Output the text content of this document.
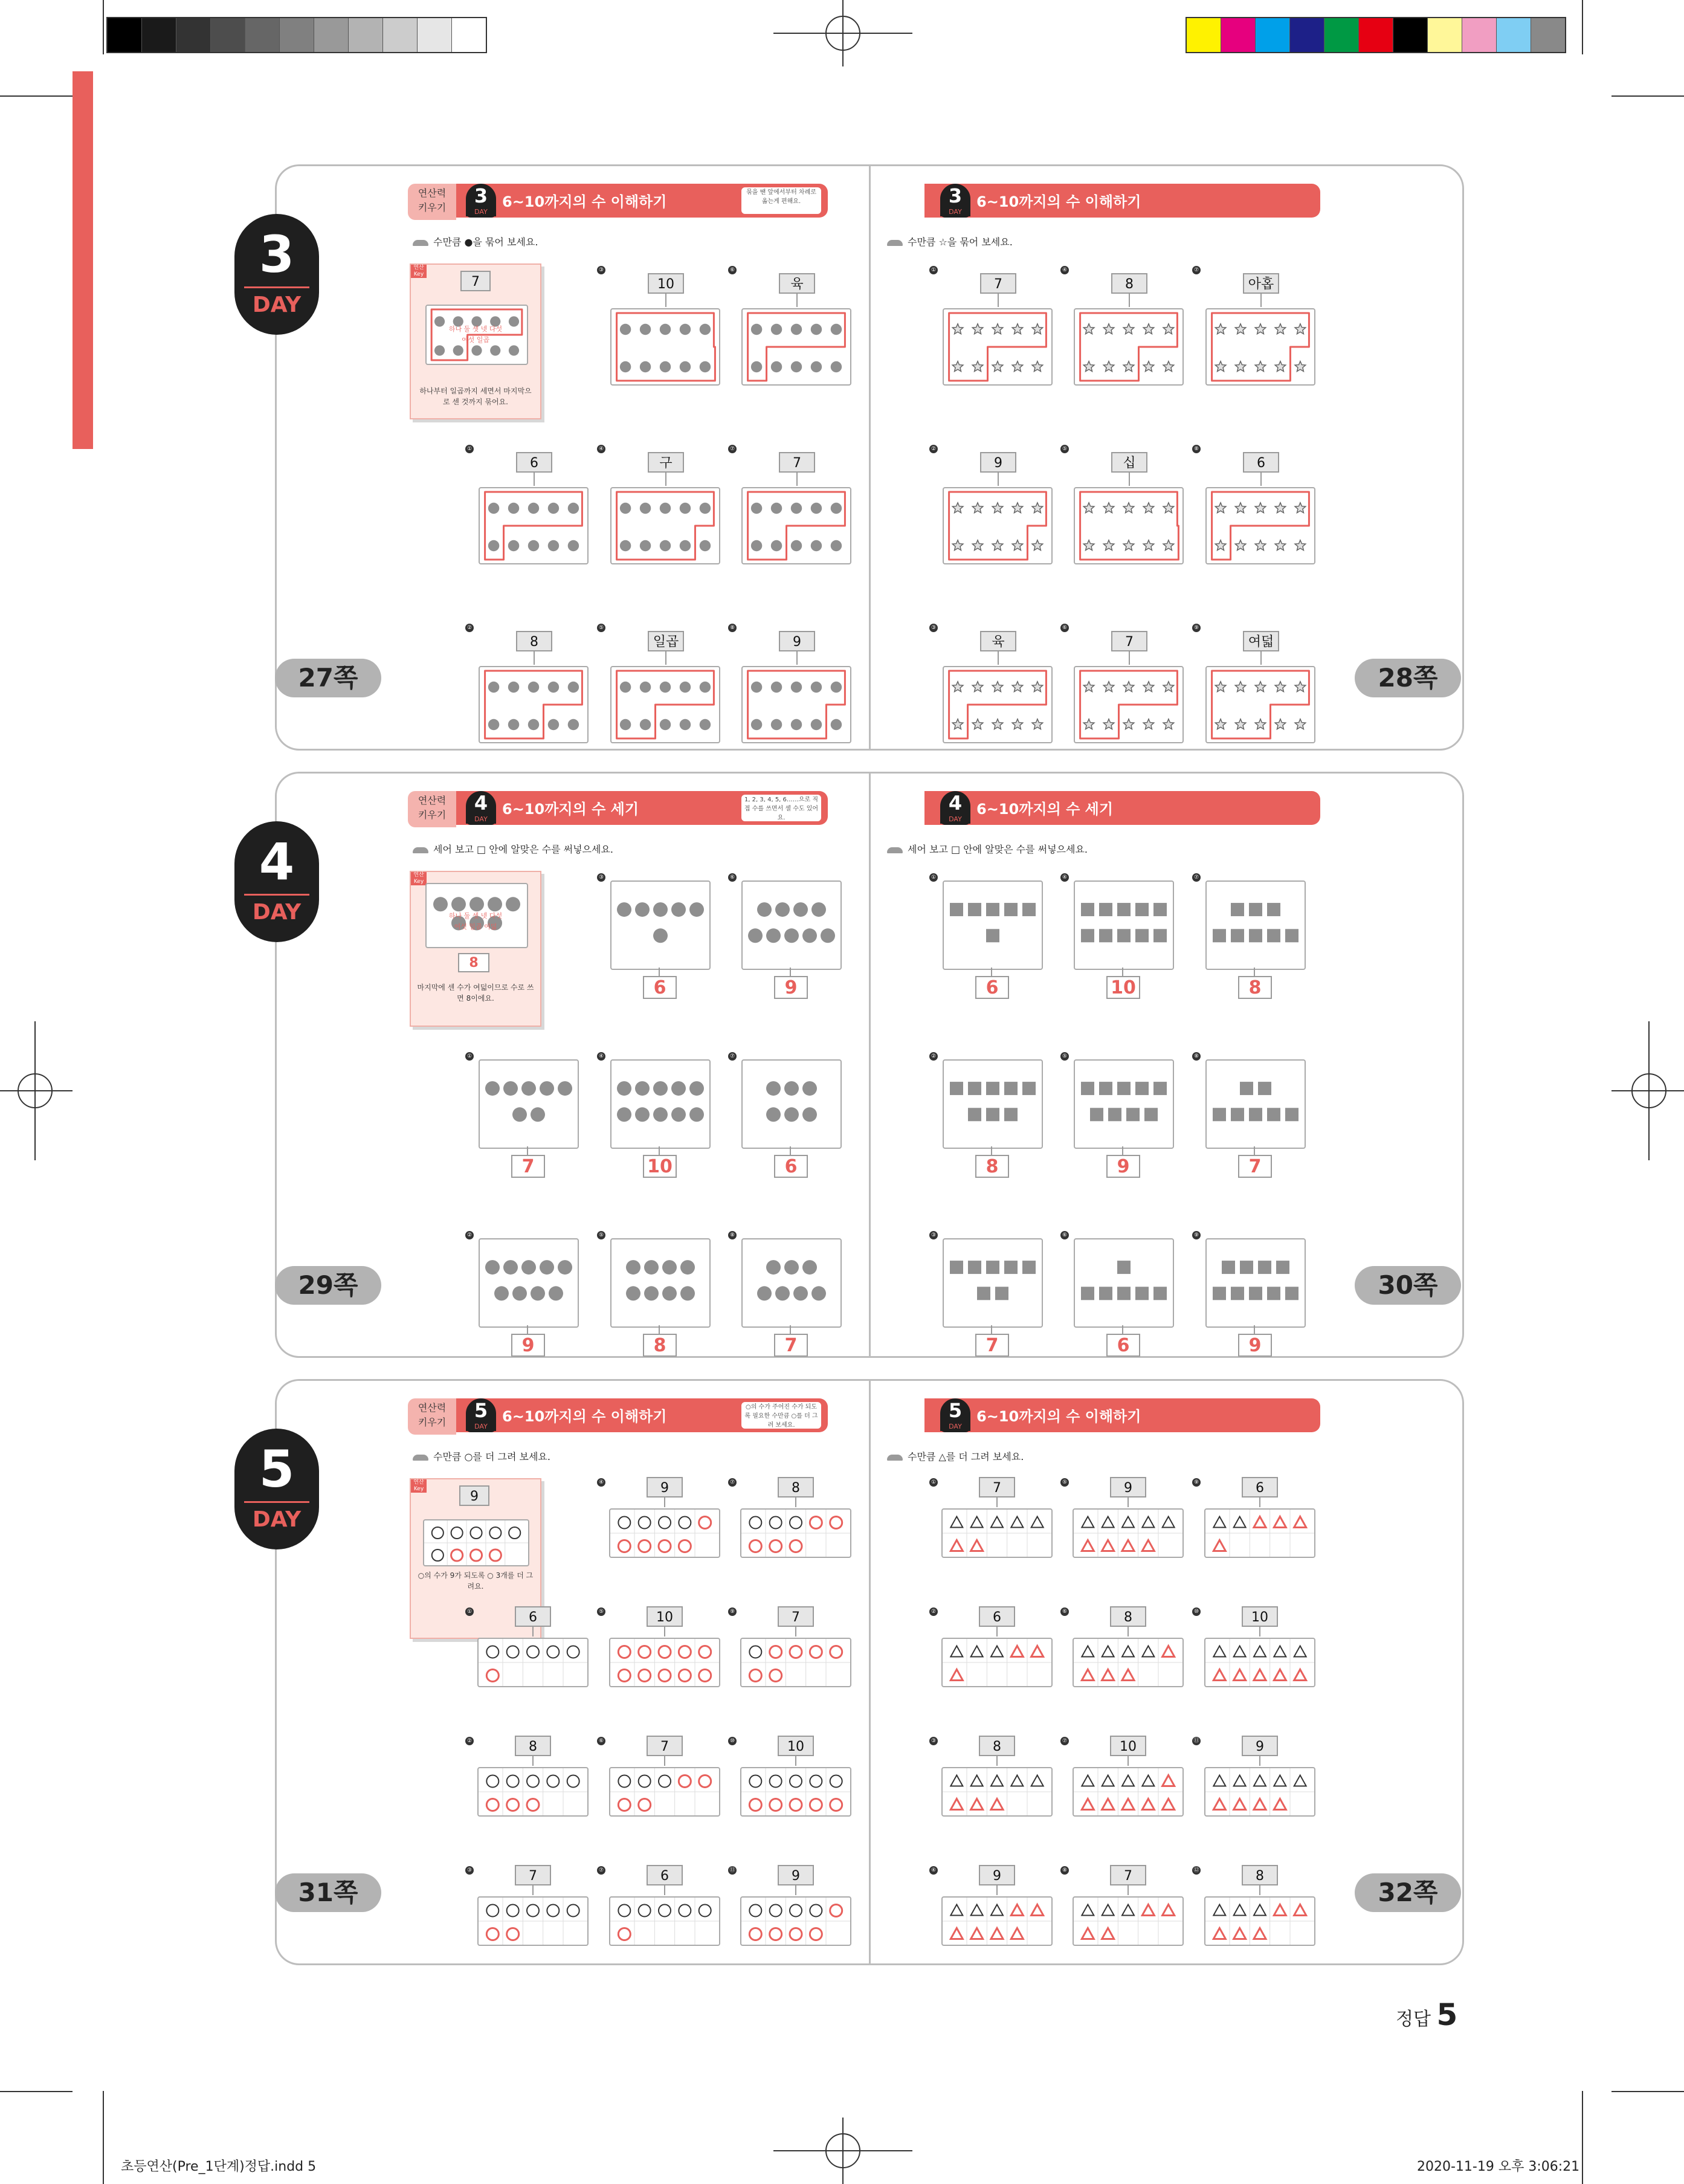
3
DAY
27쪽	28쪽
연산력
키우기
3
DAY
6~10까지의 수 이해하기
묶을 땐 앞에서부터 차례로 옮는게 편해요.
수만큼 ●을 묶어 보세요.
3
DAY
6~10까지의 수 이해하기
수만큼 ☆을 묶어 보세요.
연산
Key	7
하나 둘 셋 넷 다섯
여섯 일곱
하나부터 일곱까지 세면서 마지막으로 센 것까지 묶어요.
③
10
⑥
육
①
6
④
구
⑦
7
②
8
⑤
일곱
⑧
9
①
7
④
8
⑦
아홉
②
9
⑤
십
⑧
6
③
육
⑥
7
⑨
여덟
4
DAY
29쪽	30쪽
연산력
키우기
4
DAY
6~10까지의 수 세기
1, 2, 3, 4, 5, 6……으로 직접 수를 쓰면서 셀 수도 있어요.
세어 보고 □ 안에 알맞은 수를 써넣으세요.
4
DAY
6~10까지의 수 세기
세어 보고 □ 안에 알맞은 수를 써넣으세요.
연산
Key
하나 둘 셋 넷 다섯
여섯 일곱 여덟
8
마지막에 센 수가 여덟이므로 수로 쓰면 8이에요.
③
6
⑥
9
①
7
④
10
⑦
6
②
9
⑤
8
⑧
7
①
6
④
10
⑦
8
②
8
⑤
9
⑧
7
③
7
⑥
6
⑨
9
5
DAY
31쪽	32쪽
연산력
키우기
5
DAY
6~10까지의 수 이해하기
○의 수가 주어진 수가 되도록 필요한 수만큼 ○를 더 그려 보세요.
수만큼 ○를 더 그려 보세요.
5
DAY
6~10까지의 수 이해하기
수만큼 △를 더 그려 보세요.
연산
Key	9
○의 수가 9가 되도록 ○ 3개를 더 그려요.
④	9	⑦	8
①	6	⑤	10	⑨	7
②	8	⑥	7	⑩	10
③	7	⑦	6	⑪	9
①	7	⑤	9	⑨	6
②	6	⑥	8	⑩	10
③	8	⑦	10	⑪	9
④	9	⑧	7	⑫	8
정답 5
초등연산(Pre_1단계)정답.indd 5	2020-11-19 오후 3:06:21
